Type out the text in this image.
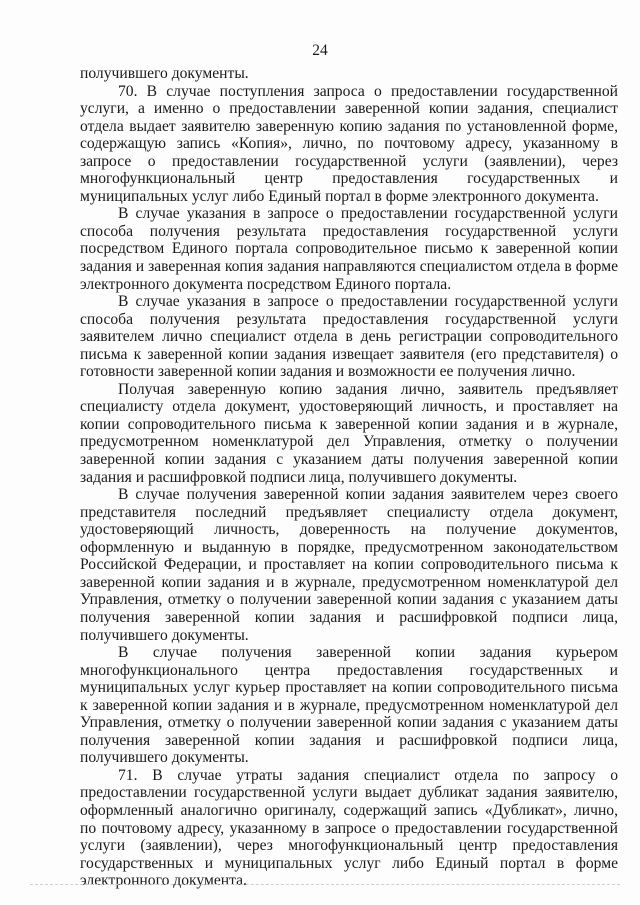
24

получившего документы.

70. В случае поступления запроса о предоставлении государственной услуги, а именно о предоставлении заверенной копии задания, специалист отдела выдает заявителю заверенную копию задания по установленной форме, содержащую запись «Копия», лично, по почтовому адресу, указанному в запросе о предоставлении государственной услуги (заявлении), через многофункциональный центр предоставления государственных и муниципальных услуг либо Единый портал в форме электронного документа.

В случае указания в запросе о предоставлении государственной услуги способа получения результата предоставления государственной услуги посредством Единого портала сопроводительное письмо к заверенной копии задания и заверенная копия задания направляются специалистом отдела в форме электронного документа посредством Единого портала.

В случае указания в запросе о предоставлении государственной услуги способа получения результата предоставления государственной услуги заявителем лично специалист отдела в день регистрации сопроводительного письма к заверенной копии задания извещает заявителя (его представителя) о готовности заверенной копии задания и возможности ее получения лично.

Получая заверенную копию задания лично, заявитель предъявляет специалисту отдела документ, удостоверяющий личность, и проставляет на копии сопроводительного письма к заверенной копии задания и в журнале, предусмотренном номенклатурой дел Управления, отметку о получении заверенной копии задания с указанием даты получения заверенной копии задания и расшифровкой подписи лица, получившего документы.

В случае получения заверенной копии задания заявителем через своего представителя последний предъявляет специалисту отдела документ, удостоверяющий личность, доверенность на получение документов, оформленную и выданную в порядке, предусмотренном законодательством Российской Федерации, и проставляет на копии сопроводительного письма к заверенной копии задания и в журнале, предусмотренном номенклатурой дел Управления, отметку о получении заверенной копии задания с указанием даты получения заверенной копии задания и расшифровкой подписи лица, получившего документы.

В случае получения заверенной копии задания курьером многофункционального центра предоставления государственных и муниципальных услуг курьер проставляет на копии сопроводительного письма к заверенной копии задания и в журнале, предусмотренном номенклатурой дел Управления, отметку о получении заверенной копии задания с указанием даты получения заверенной копии задания и расшифровкой подписи лица, получившего документы.

71. В случае утраты задания специалист отдела по запросу о предоставлении государственной услуги выдает дубликат задания заявителю, оформленный аналогично оригиналу, содержащий запись «Дубликат», лично, по почтовому адресу, указанному в запросе о предоставлении государственной услуги (заявлении), через многофункциональный центр предоставления государственных и муниципальных услуг либо Единый портал в форме электронного документа.
